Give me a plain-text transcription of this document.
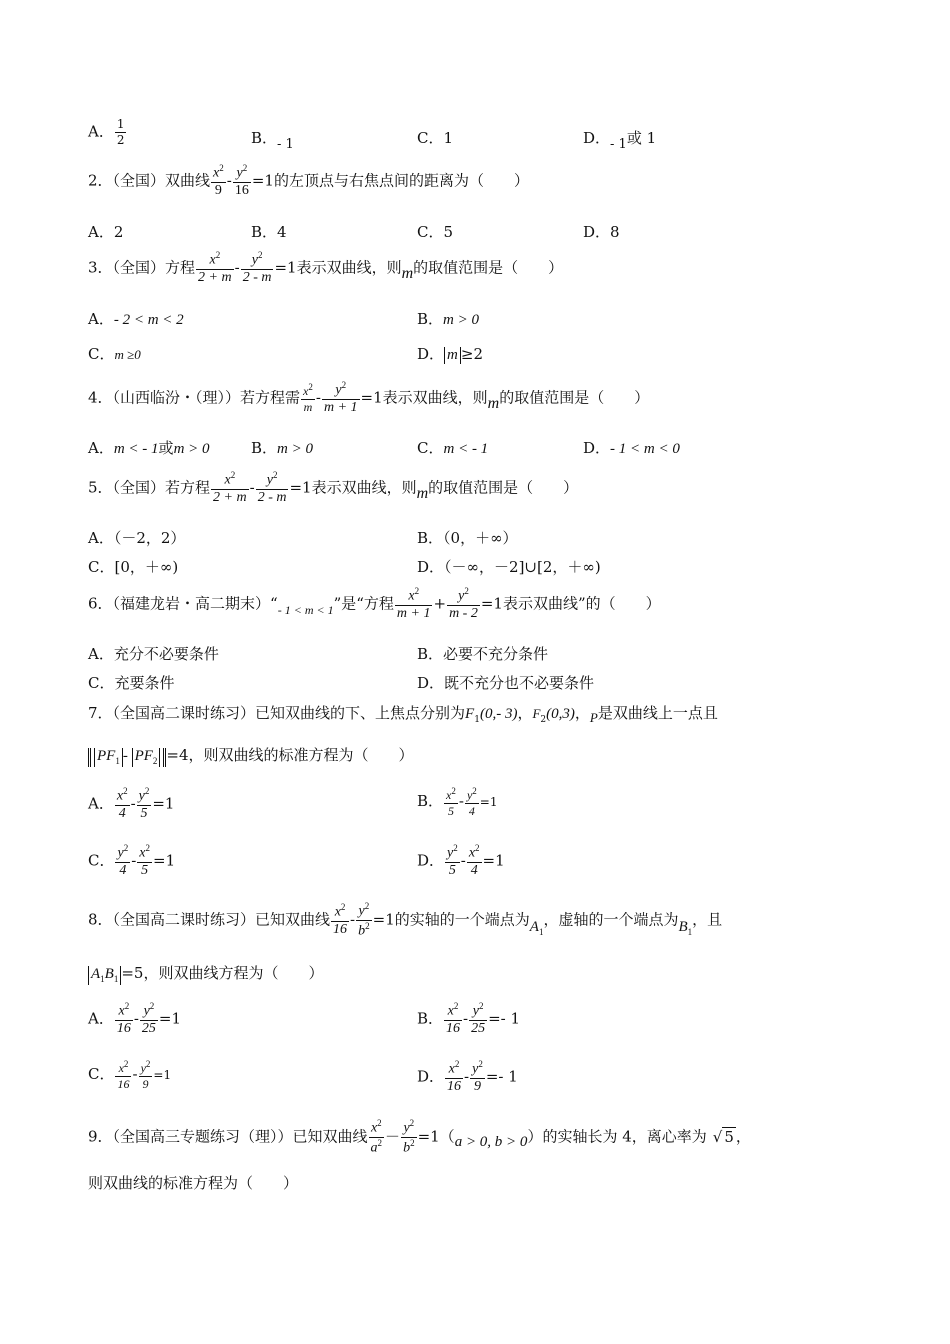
A． $\frac{1}{2}$	B．- 1	C．1	D．- 1或 1
2．（全国）双曲线 $\frac{x^2}{9} - \frac{y^2}{16} =1$的左顶点与右焦点间的距离为（　　）
A．2	B．4	C．5	D．8
3．（全国）方程 $\frac{x^2}{2 + m} - \frac{y^2}{2 - m} =1$表示双曲线，则m的取值范围是（　　）
A．- 2 < m < 2	B．m > 0
C．m ≥0	D． m ≥2
4．（山西临汾・（理））若方程需 $\frac{x^2}{m} - \frac{y^2}{m + 1} =1$表示双曲线，则m的取值范围是（　　）
A．m < - 1或m > 0	B．m > 0	C．m < - 1	D．- 1 < m < 0
5．（全国）若方程 $\frac{x^2}{2 + m} - \frac{y^2}{2 - m} =1$表示双曲线，则m的取值范围是（　　）
A．（－2，2）	B．（0，＋∞）
C．[0，＋∞)	D．（－∞，－2]∪[2，＋∞)
6．（福建龙岩・高二期末）“$_{- 1 < m < 1}$”是“方程 $\frac{x^2}{m + 1} + \frac{y^2}{m - 2} =1$表示双曲线”的（　　）
A．充分不必要条件	B．必要不充分条件
C．充要条件	D．既不充分也不必要条件
7．（全国高二课时练习）已知双曲线的下、上焦点分别为$F_1(0,-$ 3)，$F_2(0,3)$，P是双曲线上一点且
$PF_1 - PF_2 =4$，则双曲线的标准方程为（　　）
A． $\frac{x^2}{4} - \frac{y^2}{5} =1$	B． $\frac{x^2}{5} - \frac{y^2}{4} =1$
C． $\frac{y^2}{4} - \frac{x^2}{5} =1$	D． $\frac{y^2}{5} - \frac{x^2}{4} =1$
8．（全国高二课时练习）已知双曲线 $\frac{x^2}{16} - \frac{y^2}{b^2} =1$的实轴的一个端点为$A_1$，虚轴的一个端点为$B_1$，且
$A_1B_1 =5$，则双曲线方程为（　　）
A． $\frac{x^2}{16} - \frac{y^2}{25} =1$	B． $\frac{x^2}{16} - \frac{y^2}{25} =- 1$
C． $\frac{x^2}{16} - \frac{y^2}{9} =1$	D． $\frac{x^2}{16} - \frac{y^2}{9} =- 1$
9．（全国高三专题练习（理））已知双曲线 $\frac{x^2}{a^2} - \frac{y^2}{b^2} =1(a > 0$, b > 0）的实轴长为 4，离心率为 √ 5 ，
则双曲线的标准方程为（　　）
